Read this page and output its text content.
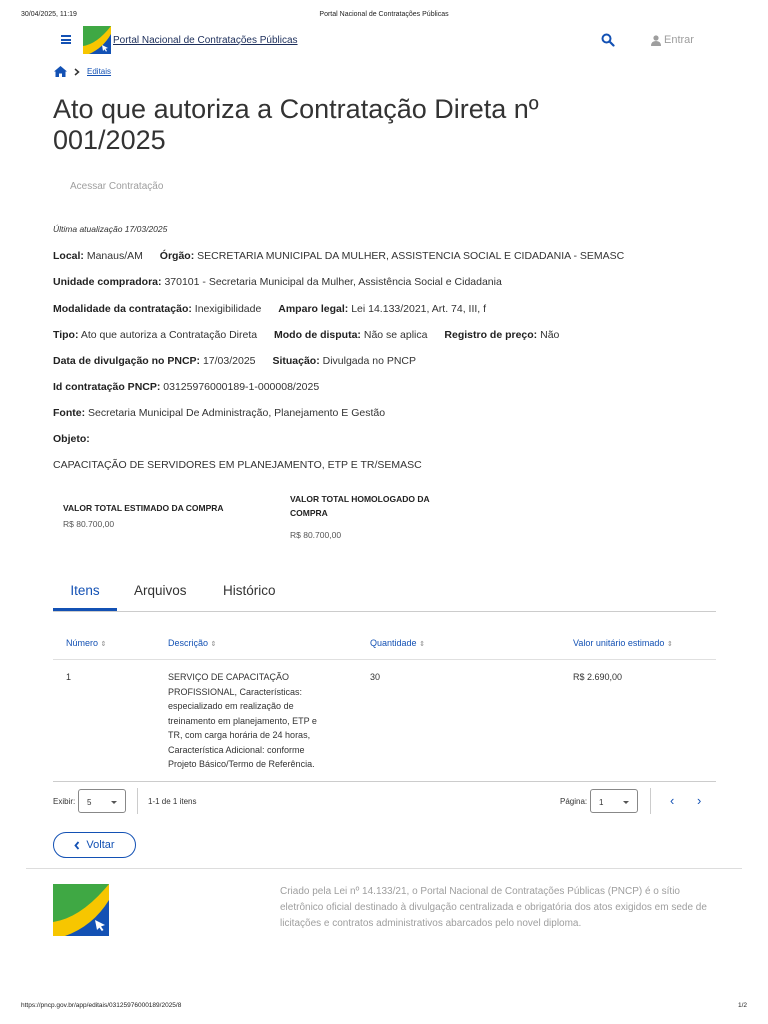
30/04/2025, 11:19	Portal Nacional de Contratações Públicas
Portal Nacional de Contratações Públicas	Entrar
Editais
Ato que autoriza a Contratação Direta nº 001/2025
Acessar Contratação
Última atualização 17/03/2025
Local: Manaus/AM Órgão: SECRETARIA MUNICIPAL DA MULHER, ASSISTENCIA SOCIAL E CIDADANIA - SEMASC
Unidade compradora: 370101 - Secretaria Municipal da Mulher, Assistência Social e Cidadania
Modalidade da contratação: Inexigibilidade Amparo legal: Lei 14.133/2021, Art. 74, III, f
Tipo: Ato que autoriza a Contratação Direta Modo de disputa: Não se aplica Registro de preço: Não
Data de divulgação no PNCP: 17/03/2025 Situação: Divulgada no PNCP
Id contratação PNCP: 03125976000189-1-000008/2025
Fonte: Secretaria Municipal De Administração, Planejamento E Gestão
Objeto:
CAPACITAÇÃO DE SERVIDORES EM PLANEJAMENTO, ETP E TR/SEMASC
VALOR TOTAL ESTIMADO DA COMPRA
R$ 80.700,00
VALOR TOTAL HOMOLOGADO DA
COMPRA
R$ 80.700,00
Itens	Arquivos	Histórico
Número ⇕	Descrição ⇕	Quantidade ⇕	Valor unitário estimado ⇕
1	SERVIÇO DE CAPACITAÇÃO
PROFISSIONAL, Características:
especializado em realização de
treinamento em planejamento, ETP e
TR, com carga horária de 24 horas,
Característica Adicional: conforme
Projeto Básico/Termo de Referência.
30	R$ 2.690,00
Exibir:	5	1-1 de 1 itens	Página:	1	‹ ›
Voltar
Criado pela Lei nº 14.133/21, o Portal Nacional de Contratações Públicas (PNCP) é o sítio eletrônico oficial destinado à divulgação centralizada e obrigatória dos atos exigidos em sede de licitações e contratos administrativos abarcados pelo novel diploma.
https://pncp.gov.br/app/editais/03125976000189/2025/8	1/2
